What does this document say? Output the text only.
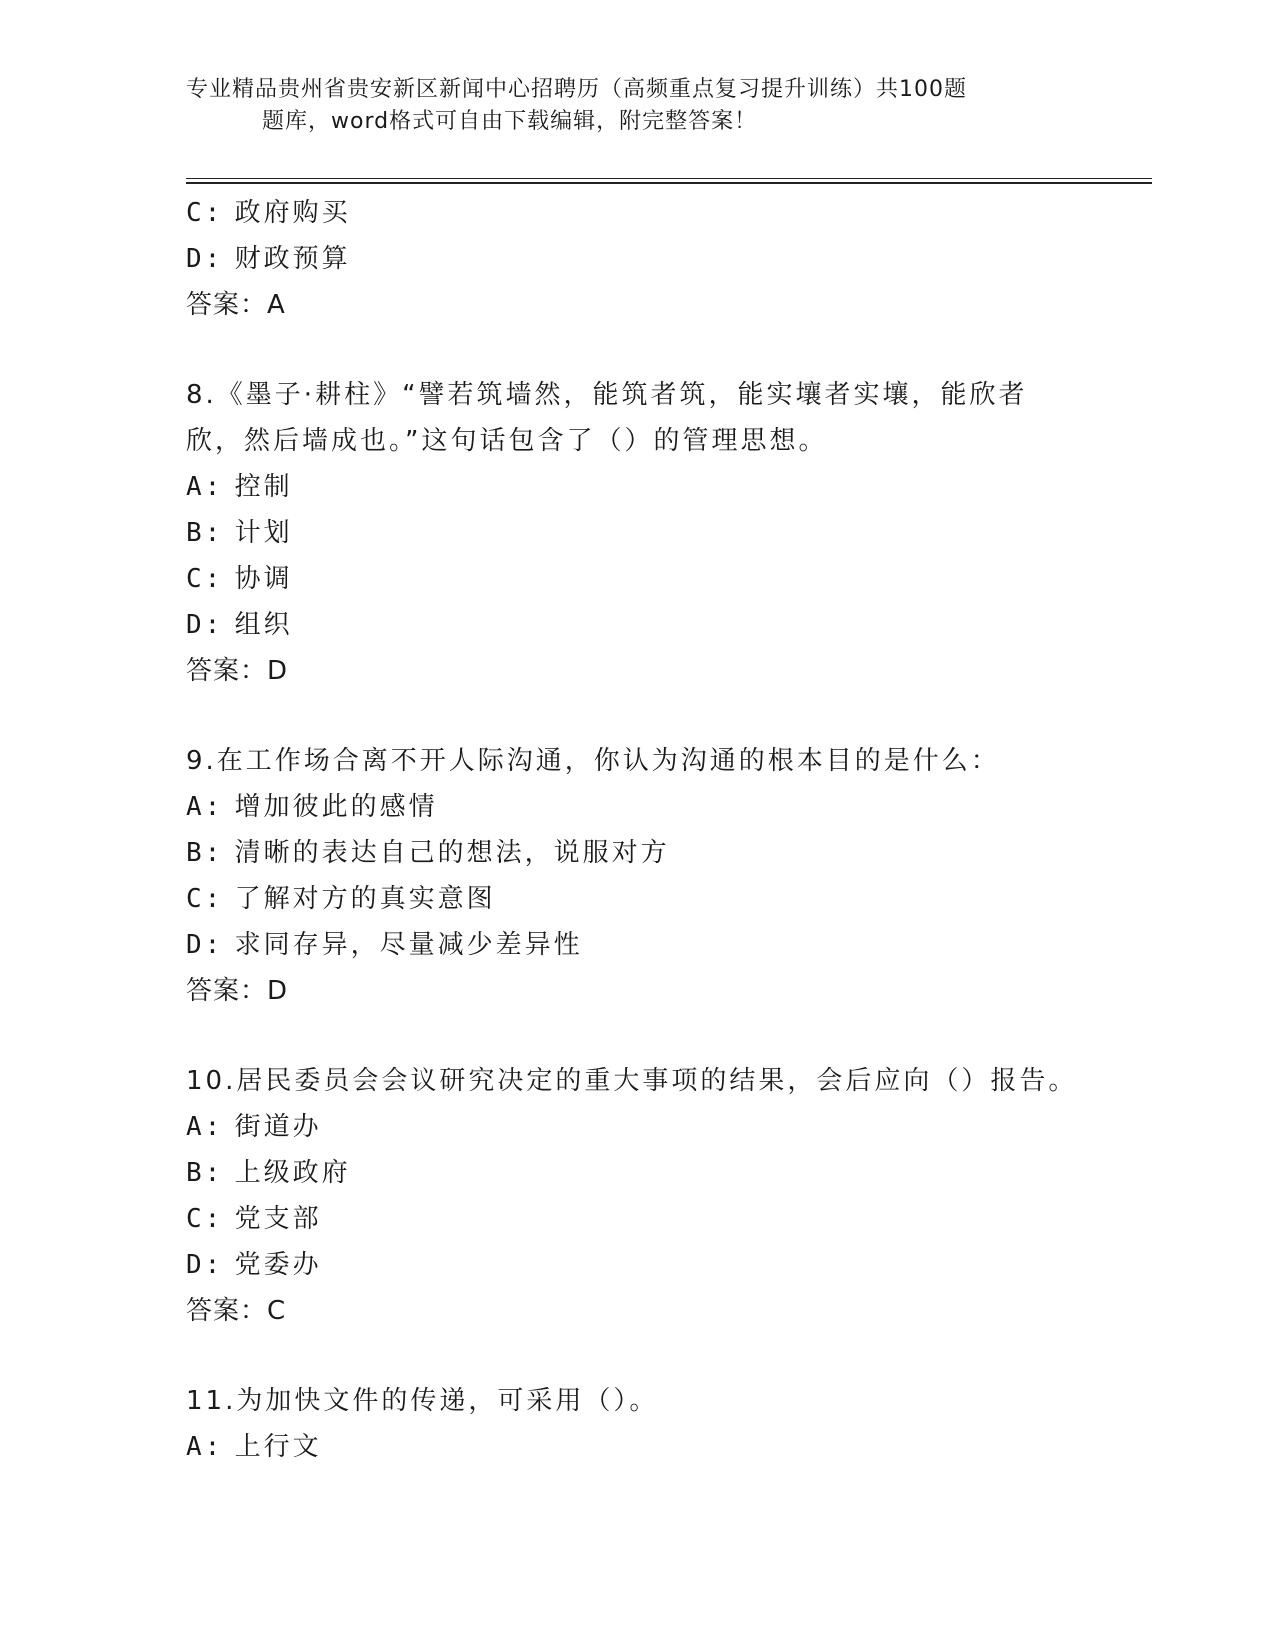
专业精品贵州省贵安新区新闻中心招聘历（高频重点复习提升训练）共100题
题库，word格式可自由下载编辑，附完整答案！
C: 政府购买
D: 财政预算
答案：A
8.《墨子·耕柱》“譬若筑墙然，能筑者筑，能实壤者实壤，能欣者
欣，然后墙成也。”这句话包含了（）的管理思想。
A: 控制
B: 计划
C: 协调
D: 组织
答案：D
9.在工作场合离不开人际沟通，你认为沟通的根本目的是什么：
A: 增加彼此的感情
B: 清晰的表达自己的想法，说服对方
C: 了解对方的真实意图
D: 求同存异，尽量减少差异性
答案：D
10.居民委员会会议研究决定的重大事项的结果，会后应向（）报告。
A: 街道办
B: 上级政府
C: 党支部
D: 党委办
答案：C
11.为加快文件的传递，可采用（）。
A: 上行文
